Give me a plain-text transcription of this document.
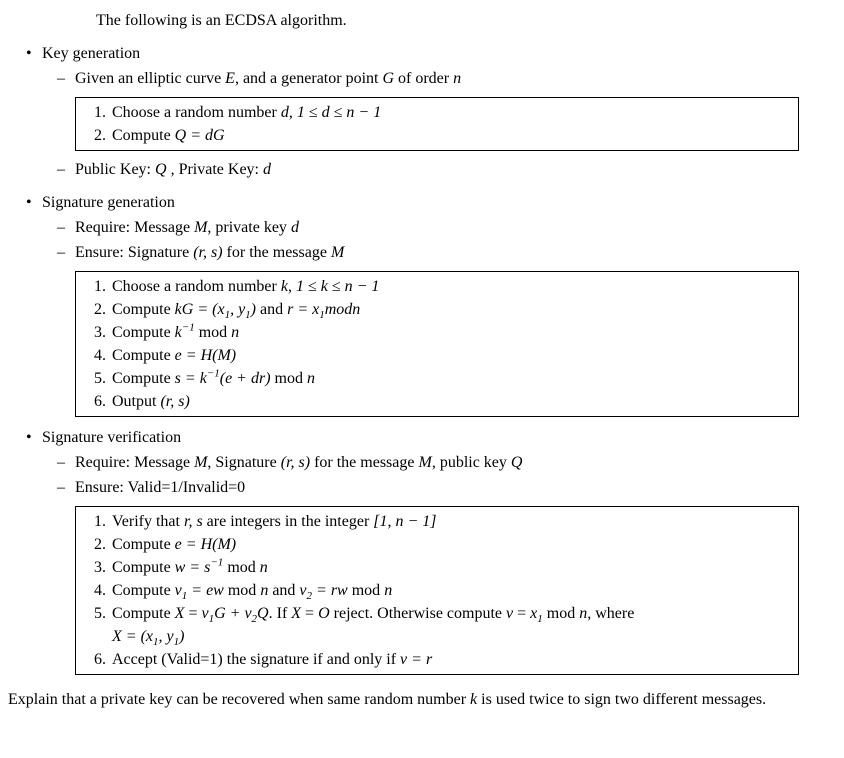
The following is an ECDSA algorithm.

• Key generation
– Given an elliptic curve E, and a generator point G of order n
1. Choose a random number d, 1 ≤ d ≤ n − 1
2. Compute Q = dG
– Public Key: Q , Private Key: d
• Signature generation
– Require: Message M, private key d
– Ensure: Signature (r, s) for the message M
1. Choose a random number k, 1 ≤ k ≤ n − 1
2. Compute kG = ($x_1$, $y_1$) and $r = x_1modn$
3. Compute $k^{-1}$ mod n
4. Compute e = H(M)
5. Compute $s = k^{-1}(e + dr)$ mod n
6. Output (r, s)
• Signature verification
– Require: Message M, Signature (r, s) for the message M, public key Q
– Ensure: Valid=1/Invalid=0
1. Verify that r, s are integers in the integer [1, n − 1]
2. Compute e = H(M)
3. Compute $w = s^{-1}$ mod n
4. Compute $v_1$ = ew mod n and $v_2$ = rw mod n
5. Compute $X = v_1G + v_2Q$. If X = O reject. Otherwise compute $v = x_1$ mod n, where
$X = (x_1$, $y_1$)
6. Accept (Valid=1) the signature if and only if v = r

Explain that a private key can be recovered when same random number k is used twice to sign two different messages.
